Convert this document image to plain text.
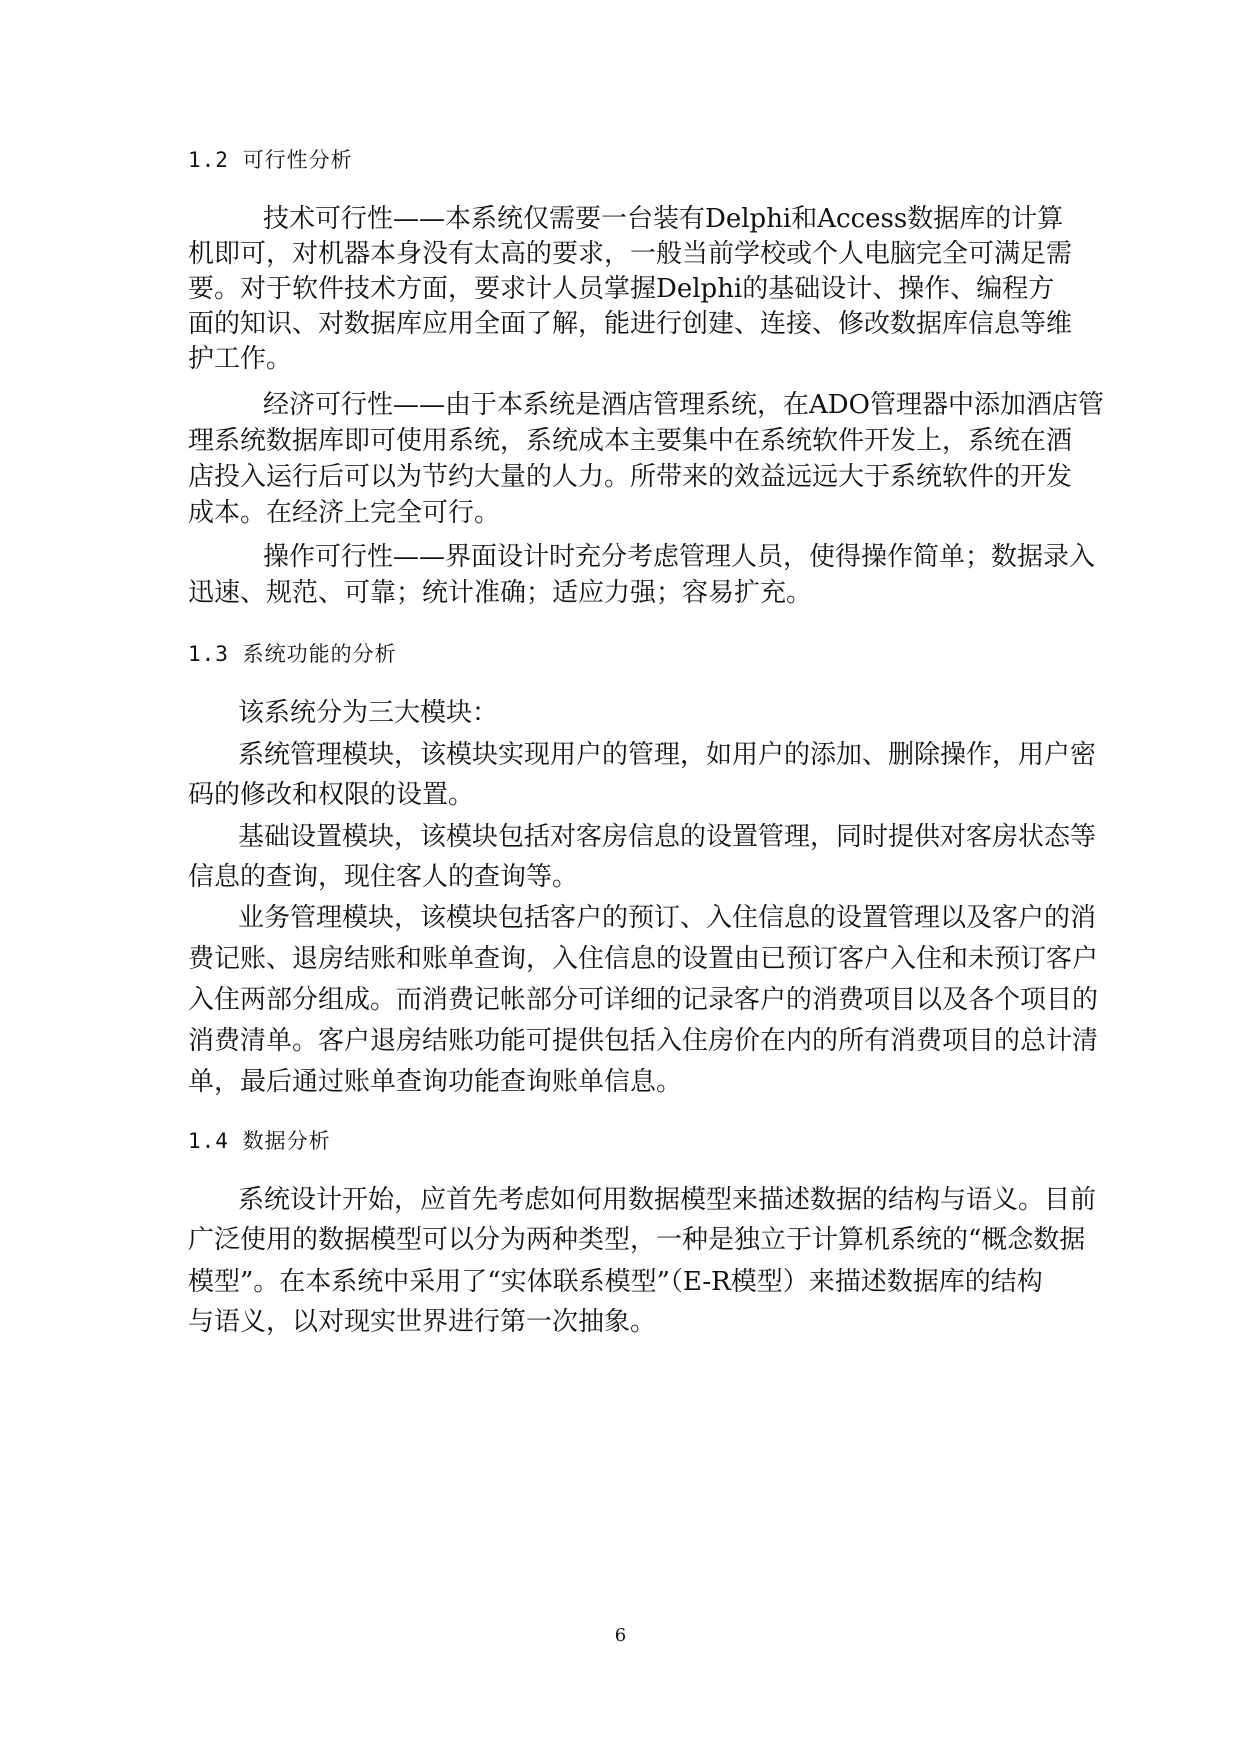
1.2 可行性分析

技术可行性——本系统仅需要一台装有Delphi和Access数据库的计算

机即可，对机器本身没有太高的要求，一般当前学校或个人电脑完全可满足需

要。对于软件技术方面，要求计人员掌握Delphi的基础设计、操作、编程方

面的知识、对数据库应用全面了解，能进行创建、连接、修改数据库信息等维

护工作。

经济可行性——由于本系统是酒店管理系统，在ADO管理器中添加酒店管

理系统数据库即可使用系统，系统成本主要集中在系统软件开发上，系统在酒

店投入运行后可以为节约大量的人力。所带来的效益远远大于系统软件的开发

成本。在经济上完全可行。

操作可行性——界面设计时充分考虑管理人员，使得操作简单；数据录入

迅速、规范、可靠；统计准确；适应力强；容易扩充。

1.3 系统功能的分析

该系统分为三大模块：

系统管理模块，该模块实现用户的管理，如用户的添加、删除操作，用户密

码的修改和权限的设置。

基础设置模块，该模块包括对客房信息的设置管理，同时提供对客房状态等

信息的查询，现住客人的查询等。

业务管理模块，该模块包括客户的预订、入住信息的设置管理以及客户的消

费记账、退房结账和账单查询，入住信息的设置由已预订客户入住和未预订客户

入住两部分组成。而消费记帐部分可详细的记录客户的消费项目以及各个项目的

消费清单。客户退房结账功能可提供包括入住房价在内的所有消费项目的总计清

单，最后通过账单查询功能查询账单信息。

1.4 数据分析

系统设计开始，应首先考虑如何用数据模型来描述数据的结构与语义。目前

广泛使用的数据模型可以分为两种类型，一种是独立于计算机系统的“概念数据

模型”。在本系统中采用了“实体联系模型”（E-R模型）来描述数据库的结构

与语义，以对现实世界进行第一次抽象。

6
